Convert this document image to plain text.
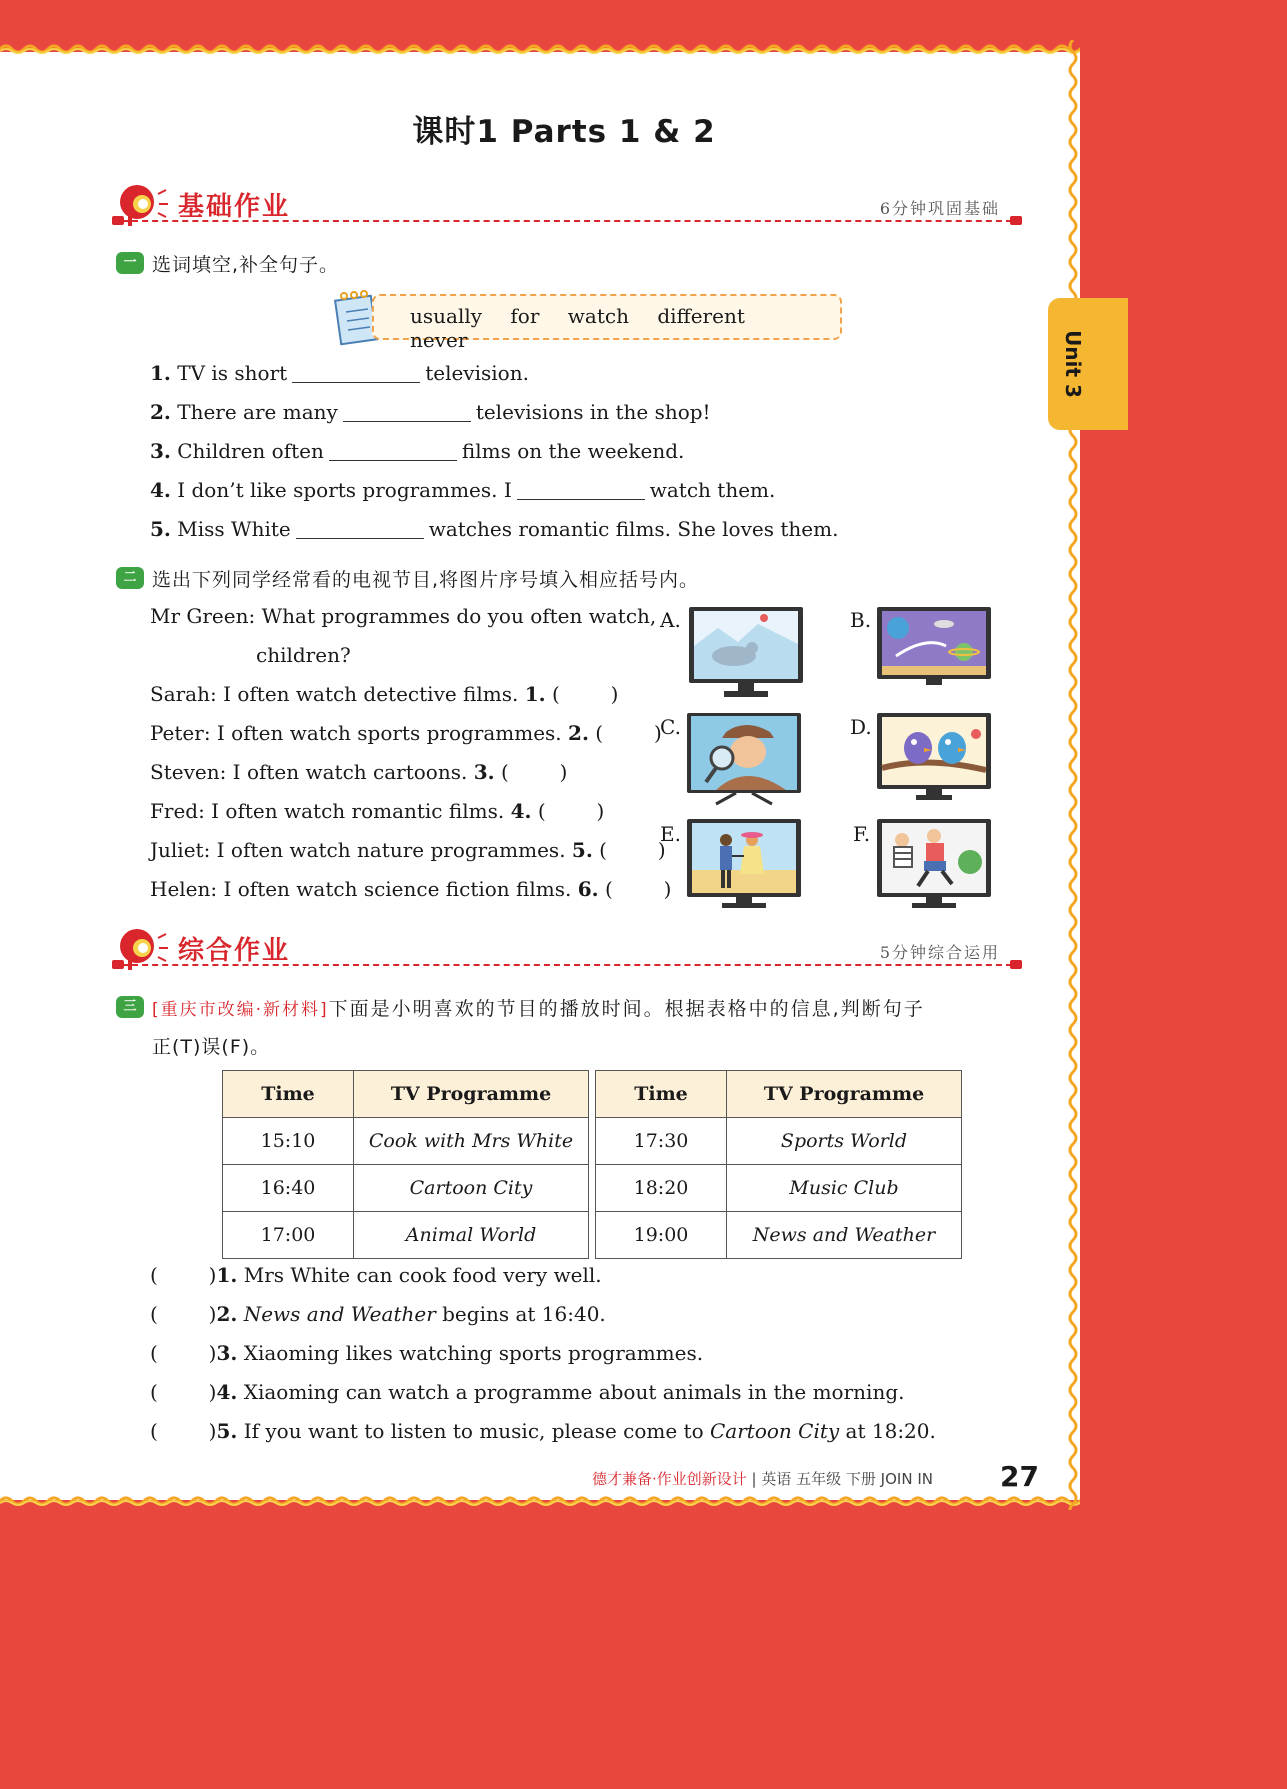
Unit 3
课时1 Parts 1 & 2
基础作业	6分钟巩固基础
一 选词填空,补全句子。
usually for watch different never
1. TV is short	television.
2. There are many	televisions in the shop!
3. Children often	films on the weekend.
4. I don’t like sports programmes. I	watch them.
5. Miss White	watches romantic films. She loves them.
二 选出下列同学经常看的电视节目,将图片序号填入相应括号内。
Mr Green: What programmes do you often watch,
children?
Sarah: I often watch detective films. 1. (        )
Peter: I often watch sports programmes. 2. (        )
Steven: I often watch cartoons. 3. (        )
Fred: I often watch romantic films. 4. (        )
Juliet: I often watch nature programmes. 5. (        )
Helen: I often watch science fiction films. 6. (        )
A.	B.
C.	D.
E.	F.
综合作业	5分钟综合运用
三 [重庆市改编·新材料]下面是小明喜欢的节目的播放时间。根据表格中的信息,判断句子
正(T)误(F)。
Time	TV Programme		Time	TV Programme
15:10	Cook with Mrs White		17:30	Sports World
16:40	Cartoon City		18:20	Music Club
17:00	Animal World		19:00	News and Weather
(        )1. Mrs White can cook food very well.
(        )2. News and Weather begins at 16:40.
(        )3. Xiaoming likes watching sports programmes.
(        )4. Xiaoming can watch a programme about animals in the morning.
(        )5. If you want to listen to music, please come to Cartoon City at 18:20.
德才兼备·作业创新设计 | 英语 五年级 下册 JOIN IN 27
